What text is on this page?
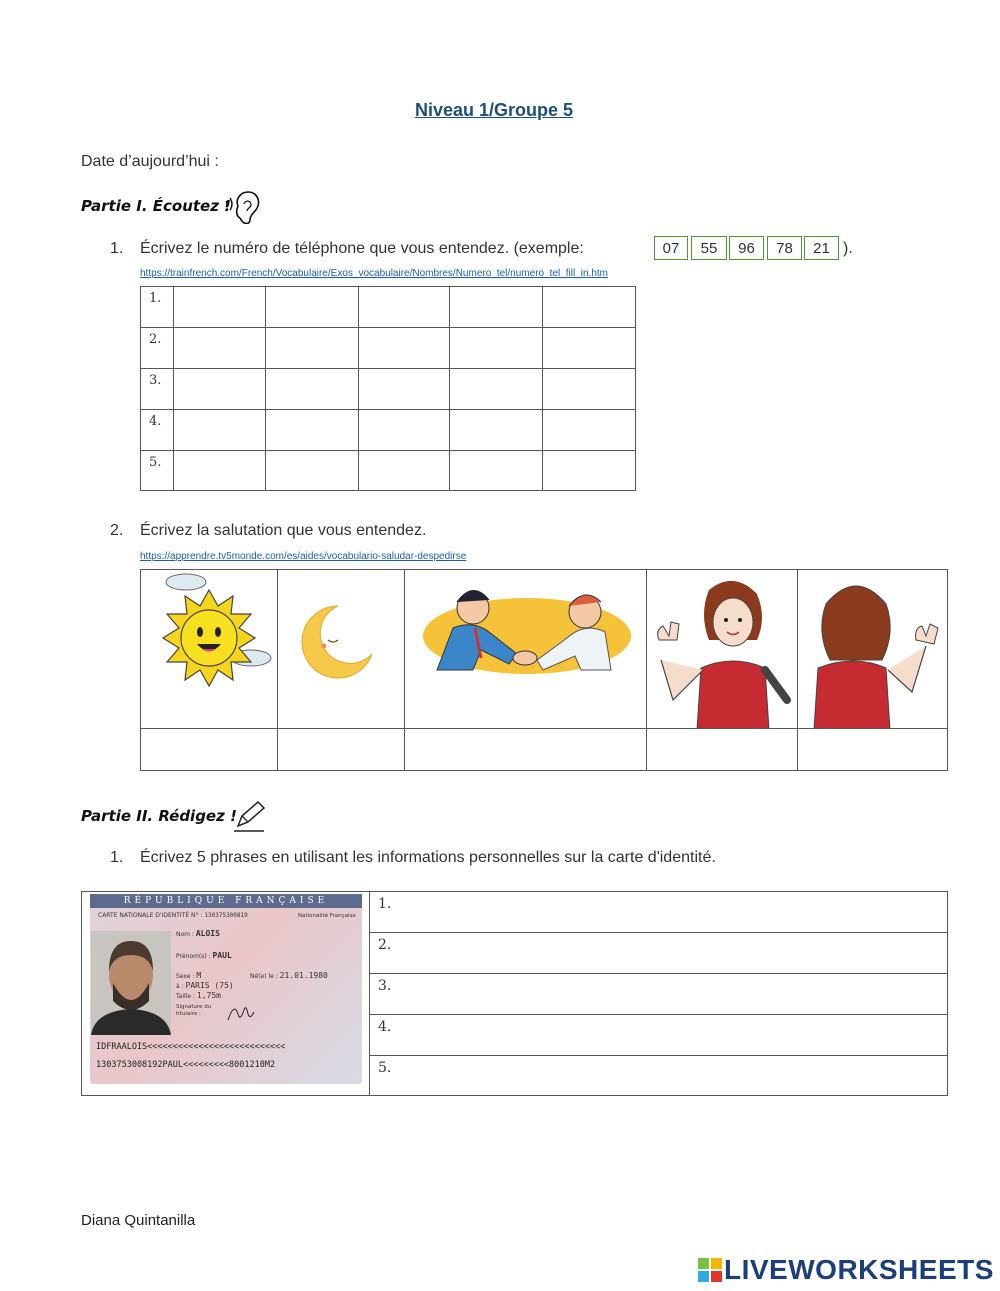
Niveau 1/Groupe 5
Date d’aujourd’hui :
Partie I. Écoutez !
1. Écrivez le numéro de téléphone que vous entendez. (exemple:	07	55	96	78	21 ).
https://trainfrench.com/French/Vocabulaire/Exos_vocabulaire/Nombres/Numero_tel/numero_tel_fill_in.htm
1.					
2.					
3.					
4.					
5.					
2. Écrivez la salutation que vous entendez.
https://apprendre.tv5monde.com/es/aides/vocabulario-saludar-despedirse
Partie II. Rédigez !
1. Écrivez 5 phrases en utilisant les informations personnelles sur la carte d'identité.
RÉPUBLIQUE FRANÇAISE
CARTE NATIONALE D'IDENTITÉ N° : 130375300819	Nationalité Française
Nom : ALOIS
Prénom(s) : PAUL
Sexe : M	Né(e) le : 21.01.1980
à : PARIS (75)
Taille : 1,75m
Signature du titulaire :
IDFRAALOIS<<<<<<<<<<<<<<<<<<<<<<<<<<<
1303753008192PAUL<<<<<<<<<8001210M2
1.
2.
3.
4.
5.
Diana Quintanilla
LIVEWORKSHEETS
